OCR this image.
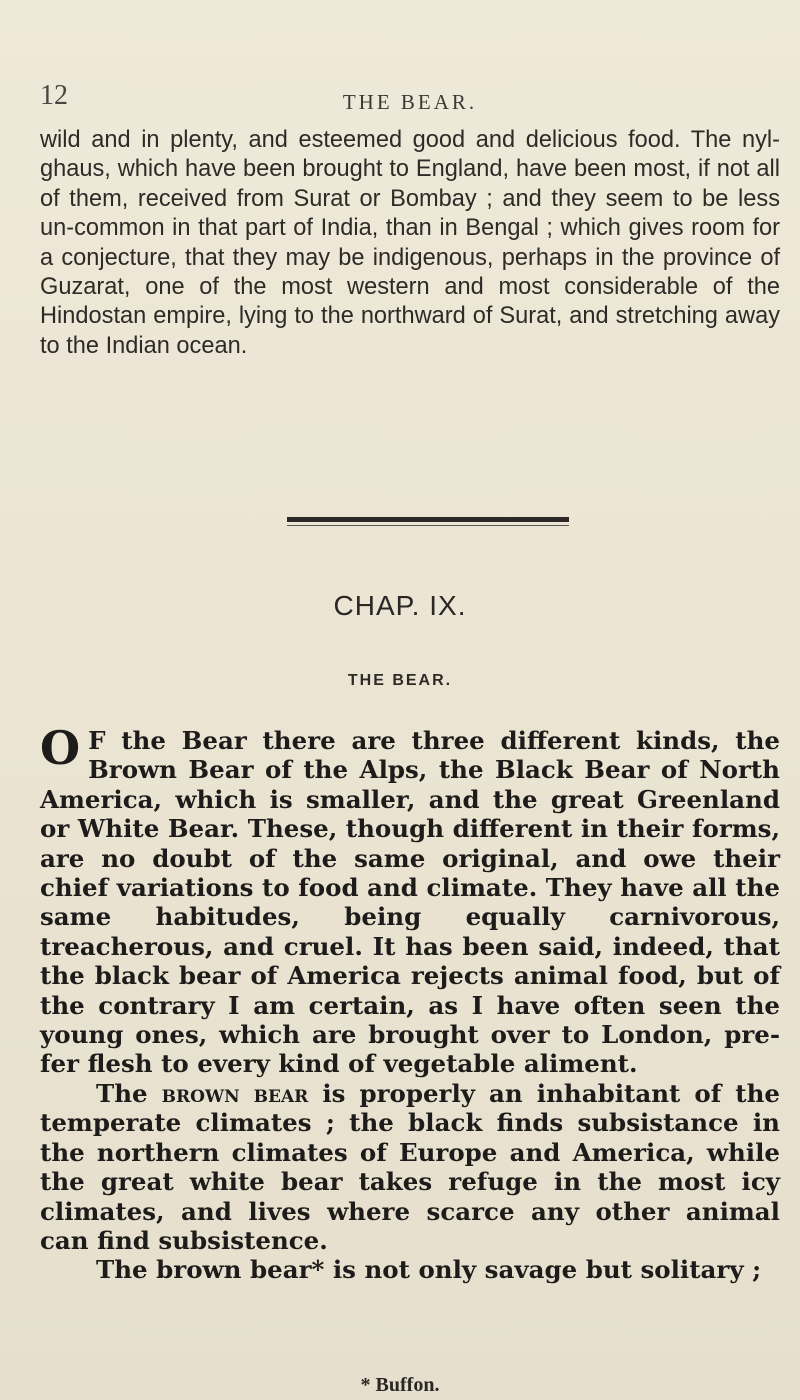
12	THE BEAR.

wild and in plenty, and esteemed good and delicious food. The nyl-ghaus, which have been brought to England, have been most, if not all of them, received from Surat or Bombay ; and they seem to be less un-common in that part of India, than in Bengal ; which gives room for a conjecture, that they may be indigenous, perhaps in the province of Guzarat, one of the most western and most considerable of the Hindostan empire, lying to the northward of Surat, and stretching away to the Indian ocean.

CHAP. IX.
THE BEAR.

O F the Bear there are three different kinds, the Brown Bear of the Alps, the Black Bear of North America, which is smaller, and the great Greenland or White Bear. These, though different in their forms, are no doubt of the same original, and owe their chief variations to food and climate. They have all the same habitudes, being equally carnivorous, treacherous, and cruel. It has been said, indeed, that the black bear of America rejects animal food, but of the contrary I am certain, as I have often seen the young ones, which are brought over to London, pre-fer flesh to every kind of vegetable aliment.

The brown bear is properly an inhabitant of the temperate climates ; the black finds subsistance in the northern climates of Europe and America, while the great white bear takes refuge in the most icy climates, and lives where scarce any other animal can find subsistence.

The brown bear* is not only savage but solitary ;

* Buffon.
